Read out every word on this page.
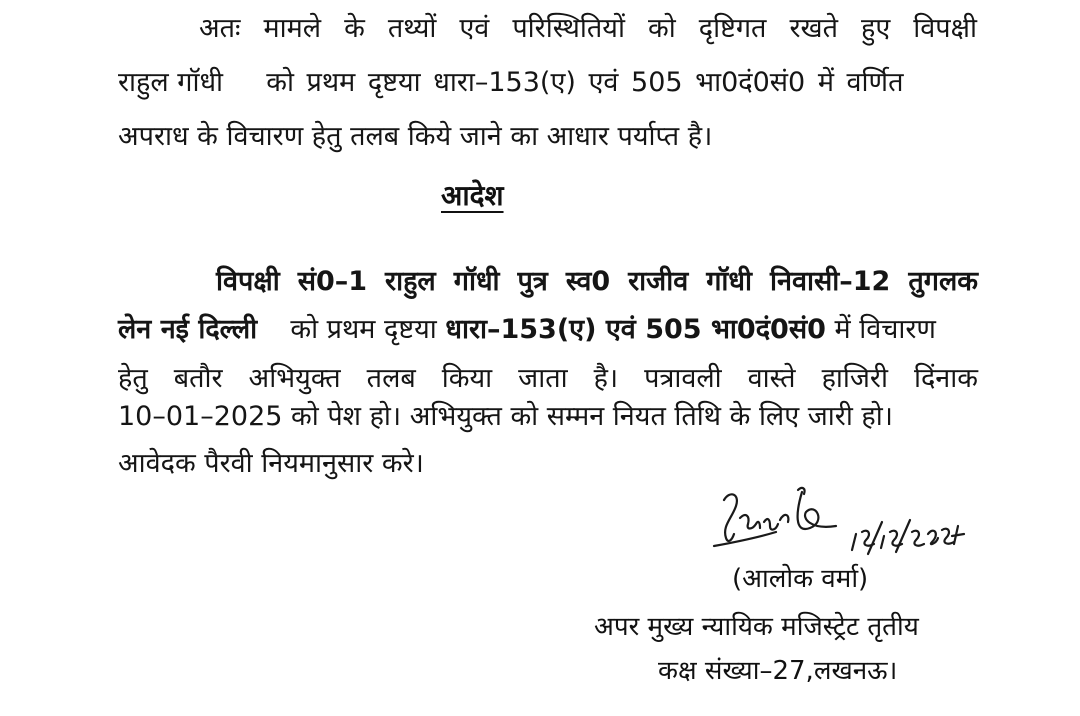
अतः मामले के तथ्यों एवं परिस्थितियों को दृष्टिगत रखते हुए विपक्षी
राहुल गॉधी को प्रथम दृष्टया धारा–153(ए) एवं 505 भा0दं0सं0 में वर्णित
अपराध के विचारण हेतु तलब किये जाने का आधार पर्याप्त है।
आदेश
विपक्षी सं0–1 राहुल गॉधी पुत्र स्व0 राजीव गॉधी निवासी–12 तुगलक
लेन नई दिल्ली को प्रथम दृष्टया धारा–153(ए) एवं 505 भा0दं0सं0 में विचारण
हेतु बतौर अभियुक्त तलब किया जाता है। पत्रावली वास्ते हाजिरी दिंनाक
10–01–2025 को पेश हो। अभियुक्त को सम्मन नियत तिथि के लिए जारी हो।
आवेदक पैरवी नियमानुसार करे।
(आलोक वर्मा)
अपर मुख्य न्यायिक मजिस्ट्रेट तृतीय
कक्ष संख्या–27,लखनऊ।
